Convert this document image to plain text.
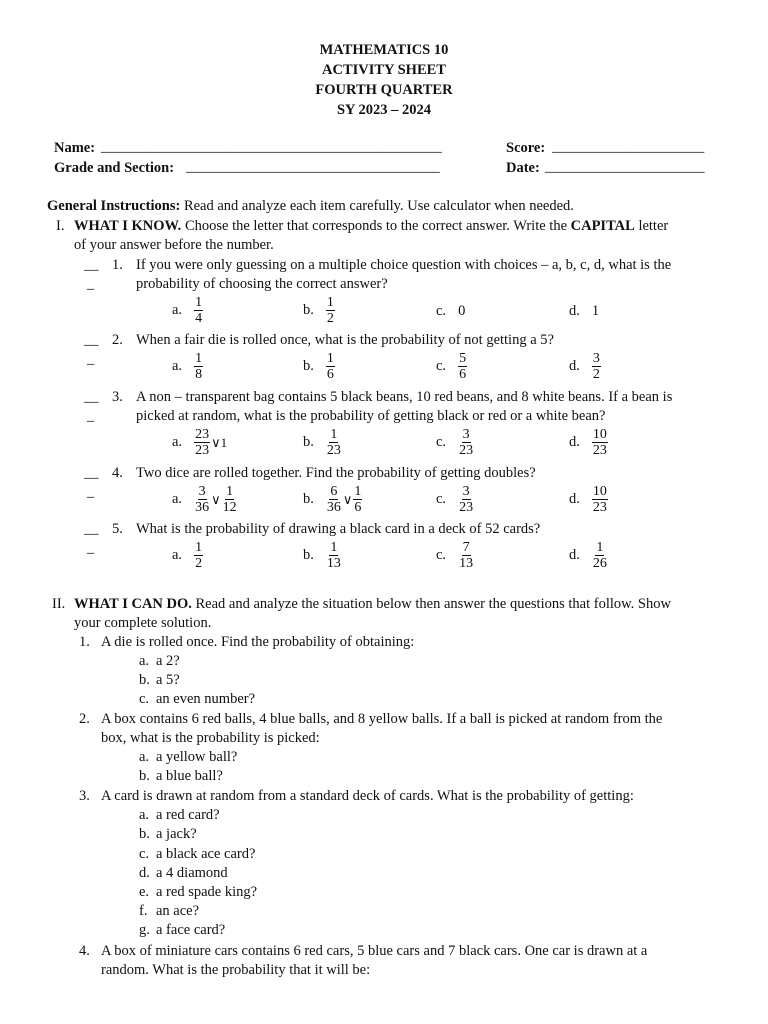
MATHEMATICS 10
ACTIVITY SHEET
FOURTH QUARTER
SY 2023 – 2024
Name: _______________________________________________
Grade and Section: ___________________________________
Score: _____________________
Date: ______________________
General Instructions: Read and analyze each item carefully. Use calculator when needed.
I. WHAT I KNOW. Choose the letter that corresponds to the correct answer. Write the CAPITAL letter
of your answer before the number.
__
_
1. If you were only guessing on a multiple choice question with choices – a, b, c, d, what is the
probability of choosing the correct answer?
a. $\frac{1}{4}$	b. $\frac{1}{2}$	c. 0	d. 1
__
_
2. When a fair die is rolled once, what is the probability of not getting a 5?
a. $\frac{1}{8}$	b. $\frac{1}{6}$	c. $\frac{5}{6}$	d. $\frac{3}{2}$
__
_
3. A non – transparent bag contains 5 black beans, 10 red beans, and 8 white beans. If a bean is
picked at random, what is the probability of getting black or red or a white bean?
a. $\frac{23}{23}$ ∨1	b. $\frac{1}{23}$	c. $\frac{3}{23}$	d. $\frac{10}{23}$
__
_
4. Two dice are rolled together. Find the probability of getting doubles?
a. $\frac{3}{36}$ ∨ $\frac{1}{12}$	b. $\frac{6}{36}$ ∨ $\frac{1}{6}$	c. $\frac{3}{23}$	d. $\frac{10}{23}$
__
_
5. What is the probability of drawing a black card in a deck of 52 cards?
a. $\frac{1}{2}$	b. $\frac{1}{13}$	c. $\frac{7}{13}$	d. $\frac{1}{26}$
II. WHAT I CAN DO. Read and analyze the situation below then answer the questions that follow. Show
your complete solution.
1. A die is rolled once. Find the probability of obtaining:
a. a 2?
b. a 5?
c. an even number?
2. A box contains 6 red balls, 4 blue balls, and 8 yellow balls. If a ball is picked at random from the
box, what is the probability is picked:
a. a yellow ball?
b. a blue ball?
3. A card is drawn at random from a standard deck of cards. What is the probability of getting:
a. a red card?
b. a jack?
c. a black ace card?
d. a 4 diamond
e. a red spade king?
f. an ace?
g. a face card?
4. A box of miniature cars contains 6 red cars, 5 blue cars and 7 black cars. One car is drawn at a
random. What is the probability that it will be:
